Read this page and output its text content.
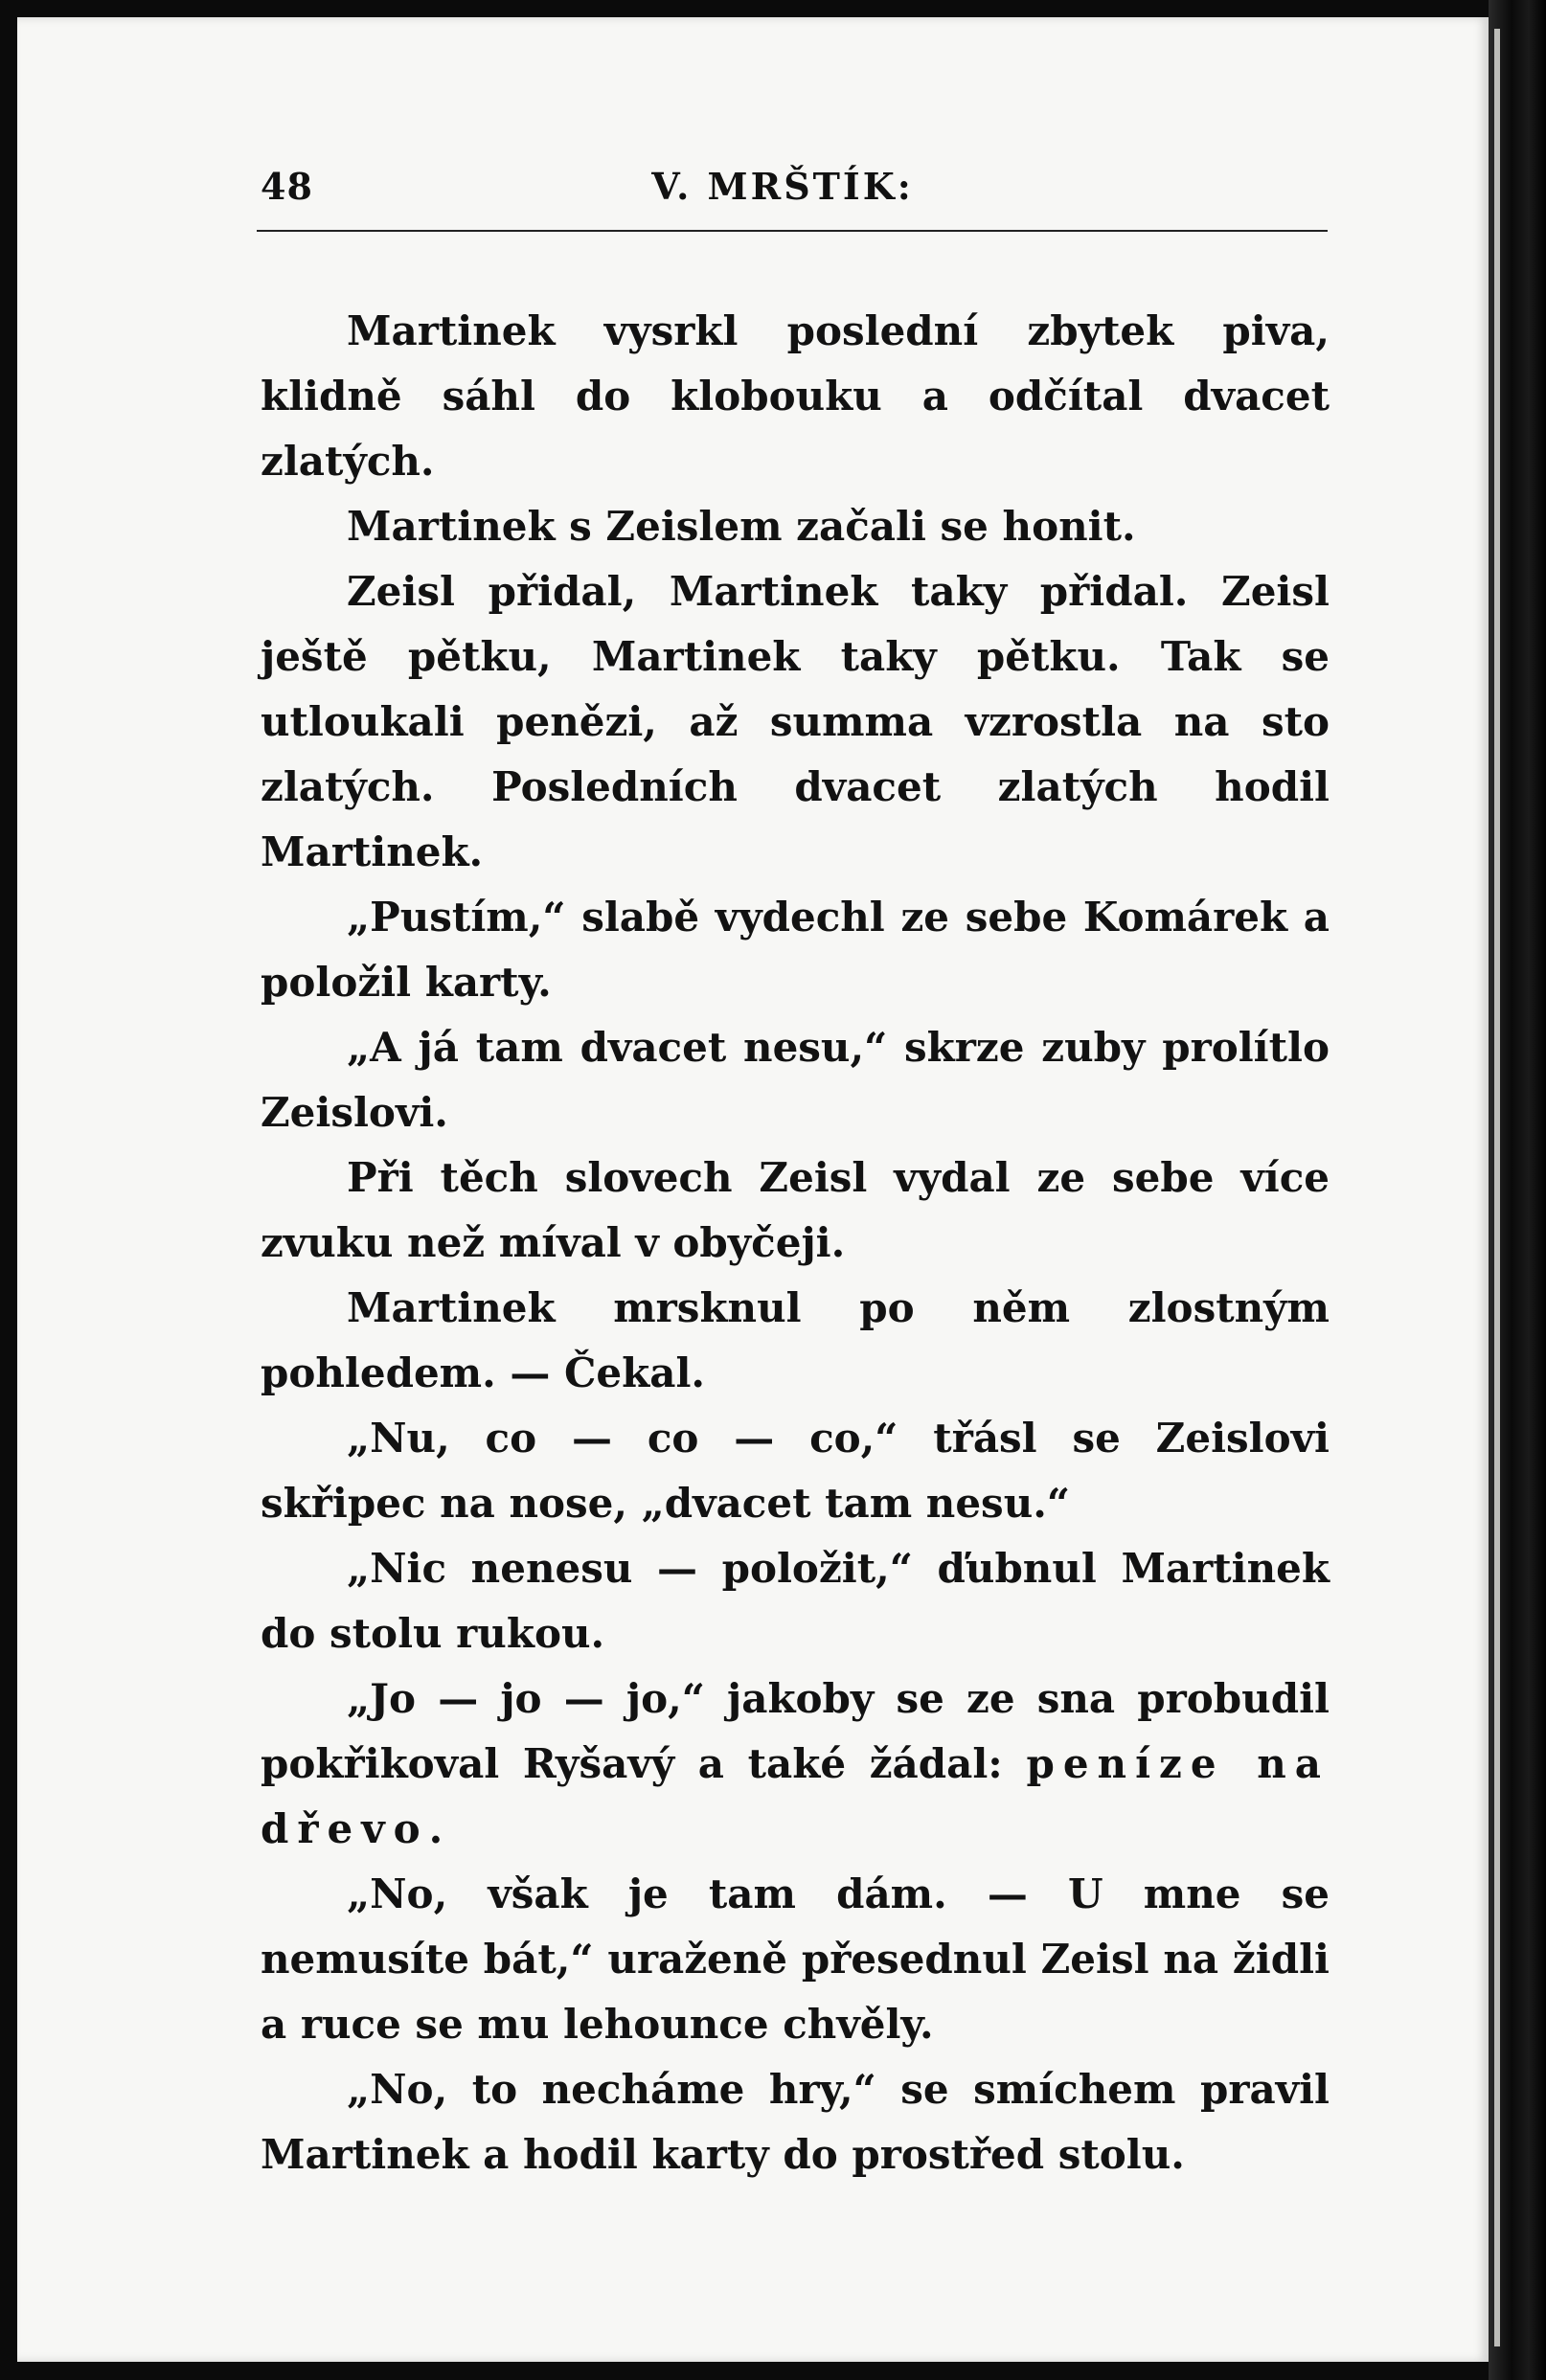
48	V. MRŠTÍK:

Martinek vysrkl poslední zbytek piva, klidně sáhl do klobouku a odčítal dvacet zlatých.

Martinek s Zeislem začali se honit.

Zeisl přidal, Martinek taky přidal. Zeisl ještě pětku, Martinek taky pětku. Tak se utloukali penězi, až summa vzrostla na sto zlatých. Posledních dvacet zlatých hodil Martinek.

„Pustím,“ slabě vydechl ze sebe Komárek a položil karty.

„A já tam dvacet nesu,“ skrze zuby prolítlo Zeislovi.

Při těch slovech Zeisl vydal ze sebe více zvuku než míval v obyčeji.

Martinek mrsknul po něm zlostným pohledem. — Čekal.

„Nu, co — co — co,“ třásl se Zeislovi skřipec na nose, „dvacet tam nesu.“

„Nic nenesu — položit,“ ďubnul Martinek do stolu rukou.

„Jo — jo — jo,“ jakoby se ze sna probudil pokřikoval Ryšavý a také žádal: peníze na dřevo.

„No, však je tam dám. — U mne se nemusíte bát,“ uraženě přesednul Zeisl na židli a ruce se mu lehounce chvěly.

„No, to necháme hry,“ se smíchem pravil Martinek a hodil karty do prostřed stolu.
